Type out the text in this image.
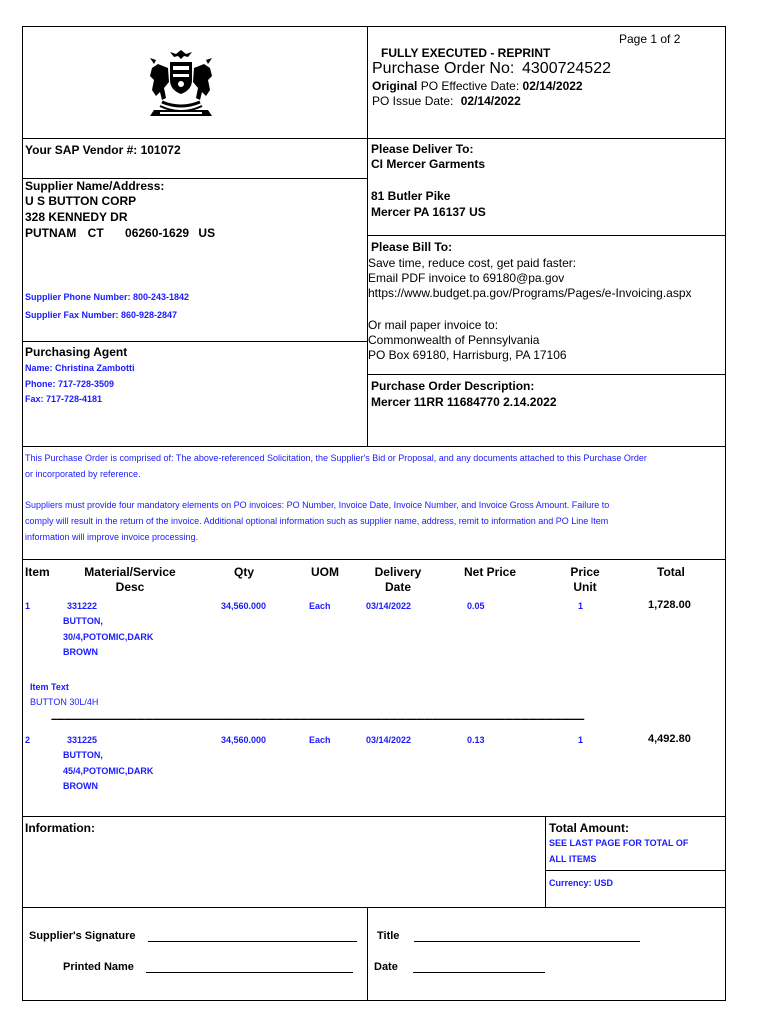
Page 1 of 2
FULLY EXECUTED - REPRINT
Purchase Order No: 4300724522
Original PO Effective Date: 02/14/2022
PO Issue Date: 02/14/2022
Your SAP Vendor #: 101072
Supplier Name/Address:
U S BUTTON CORP
328 KENNEDY DR
PUTNAM CT 06260-1629 US
Supplier Phone Number: 800-243-1842
Supplier Fax Number: 860-928-2847
Purchasing Agent
Name: Christina Zambotti
Phone: 717-728-3509
Fax: 717-728-4181
Please Deliver To:
CI Mercer Garments
81 Butler Pike
Mercer PA 16137 US
Please Bill To:
Save time, reduce cost, get paid faster:
Email PDF invoice to 69180@pa.gov
https://www.budget.pa.gov/Programs/Pages/e-Invoicing.aspx
Or mail paper invoice to:
Commonwealth of Pennsylvania
PO Box 69180, Harrisburg, PA 17106
Purchase Order Description:
Mercer 11RR 11684770 2.14.2022
This Purchase Order is comprised of: The above-referenced Solicitation, the Supplier's Bid or Proposal, and any documents attached to this Purchase Order
or incorporated by reference.
Suppliers must provide four mandatory elements on PO invoices: PO Number, Invoice Date, Invoice Number, and Invoice Gross Amount. Failure to
comply will result in the return of the invoice. Additional optional information such as supplier name, address, remit to information and PO Line Item
information will improve invoice processing.
Item	Material/Service
Desc
Qty	UOM	Delivery
Date
Net Price	Price
Unit
Total
1	331222
BUTTON,
30/4,POTOMIC,DARK
BROWN
34,560.000	Each	03/14/2022	0.05	1	1,728.00
Item Text
BUTTON 30L/4H
--------------------------------------------------------------------------------------------------------------------------------------------------------------------------------------------------------
2	331225
BUTTON,
45/4,POTOMIC,DARK
BROWN
34,560.000	Each	03/14/2022	0.13	1	4,492.80
Information:	Total Amount:
SEE LAST PAGE FOR TOTAL OF
ALL ITEMS
Currency: USD
Supplier's Signature
Printed Name
Title
Date
